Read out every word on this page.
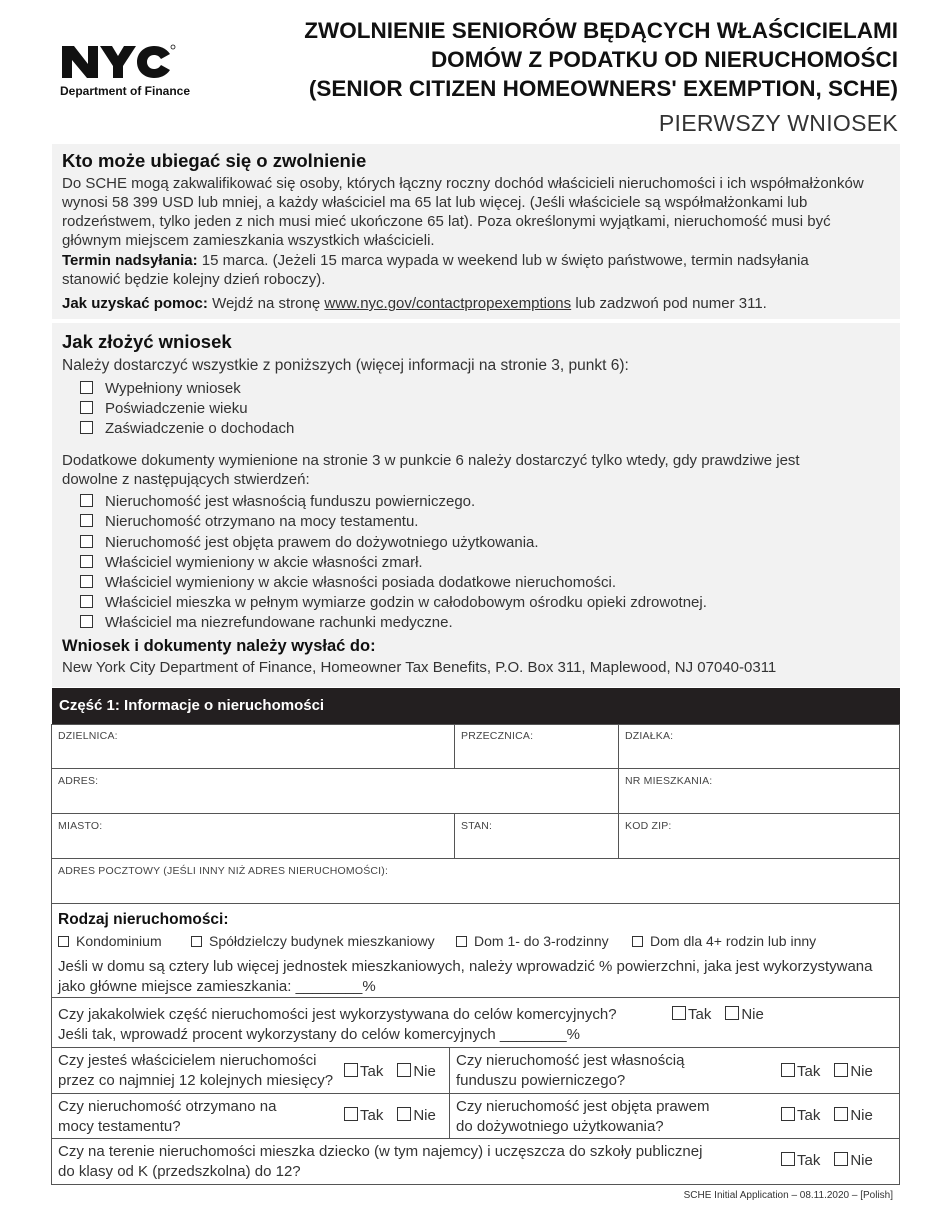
Department of Finance
ZWOLNIENIE SENIORÓW BĘDĄCYCH WŁAŚCICIELAMI
DOMÓW Z PODATKU OD NIERUCHOMOŚCI
(SENIOR CITIZEN HOMEOWNERS' EXEMPTION, SCHE)
PIERWSZY WNIOSEK
Kto może ubiegać się o zwolnienie
Do SCHE mogą zakwalifikować się osoby, których łączny roczny dochód właścicieli nieruchomości i ich współmałżonków
wynosi 58 399 USD lub mniej, a każdy właściciel ma 65 lat lub więcej. (Jeśli właściciele są współmałżonkami lub
rodzeństwem, tylko jeden z nich musi mieć ukończone 65 lat). Poza określonymi wyjątkami, nieruchomość musi być
głównym miejscem zamieszkania wszystkich właścicieli.
Termin nadsyłania: 15 marca. (Jeżeli 15 marca wypada w weekend lub w święto państwowe, termin nadsyłania
stanowić będzie kolejny dzień roboczy).
Jak uzyskać pomoc: Wejdź na stronę www.nyc.gov/contactpropexemptions lub zadzwoń pod numer 311.
Jak złożyć wniosek
Należy dostarczyć wszystkie z poniższych (więcej informacji na stronie 3, punkt 6):
Wypełniony wniosek
Poświadczenie wieku
Zaświadczenie o dochodach
Dodatkowe dokumenty wymienione na stronie 3 w punkcie 6 należy dostarczyć tylko wtedy, gdy prawdziwe jest
dowolne z następujących stwierdzeń:
Nieruchomość jest własnością funduszu powierniczego.
Nieruchomość otrzymano na mocy testamentu.
Nieruchomość jest objęta prawem do dożywotniego użytkowania.
Właściciel wymieniony w akcie własności zmarł.
Właściciel wymieniony w akcie własności posiada dodatkowe nieruchomości.
Właściciel mieszka w pełnym wymiarze godzin w całodobowym ośrodku opieki zdrowotnej.
Właściciel ma niezrefundowane rachunki medyczne.
Wniosek i dokumenty należy wysłać do:
New York City Department of Finance, Homeowner Tax Benefits, P.O. Box 311, Maplewood, NJ 07040-0311
Część 1: Informacje o nieruchomości
DZIELNICA:	PRZECZNICA:	DZIAŁKA:
ADRES:	NR MIESZKANIA:
MIASTO:	STAN:	KOD ZIP:
ADRES POCZTOWY (JEŚLI INNY NIŻ ADRES NIERUCHOMOŚCI):
Rodzaj nieruchomości:
Kondominium	Spółdzielczy budynek mieszkaniowy	Dom 1- do 3-rodzinny	Dom dla 4+ rodzin lub inny
Jeśli w domu są cztery lub więcej jednostek mieszkaniowych, należy wprowadzić % powierzchni, jaka jest wykorzystywana
jako główne miejsce zamieszkania: ________%
Czy jakakolwiek część nieruchomości jest wykorzystywana do celów komercyjnych?
Jeśli tak, wprowadź procent wykorzystany do celów komercyjnych ________%
Tak Nie
Czy jesteś właścicielem nieruchomości
przez co najmniej 12 kolejnych miesięcy?
Tak Nie
Czy nieruchomość jest własnością
funduszu powierniczego?
Tak Nie
Czy nieruchomość otrzymano na
mocy testamentu?
Tak Nie
Czy nieruchomość jest objęta prawem
do dożywotniego użytkowania?
Tak Nie
Czy na terenie nieruchomości mieszka dziecko (w tym najemcy) i uczęszcza do szkoły publicznej
do klasy od K (przedszkolna) do 12?
Tak Nie
SCHE Initial Application – 08.11.2020 – [Polish]
